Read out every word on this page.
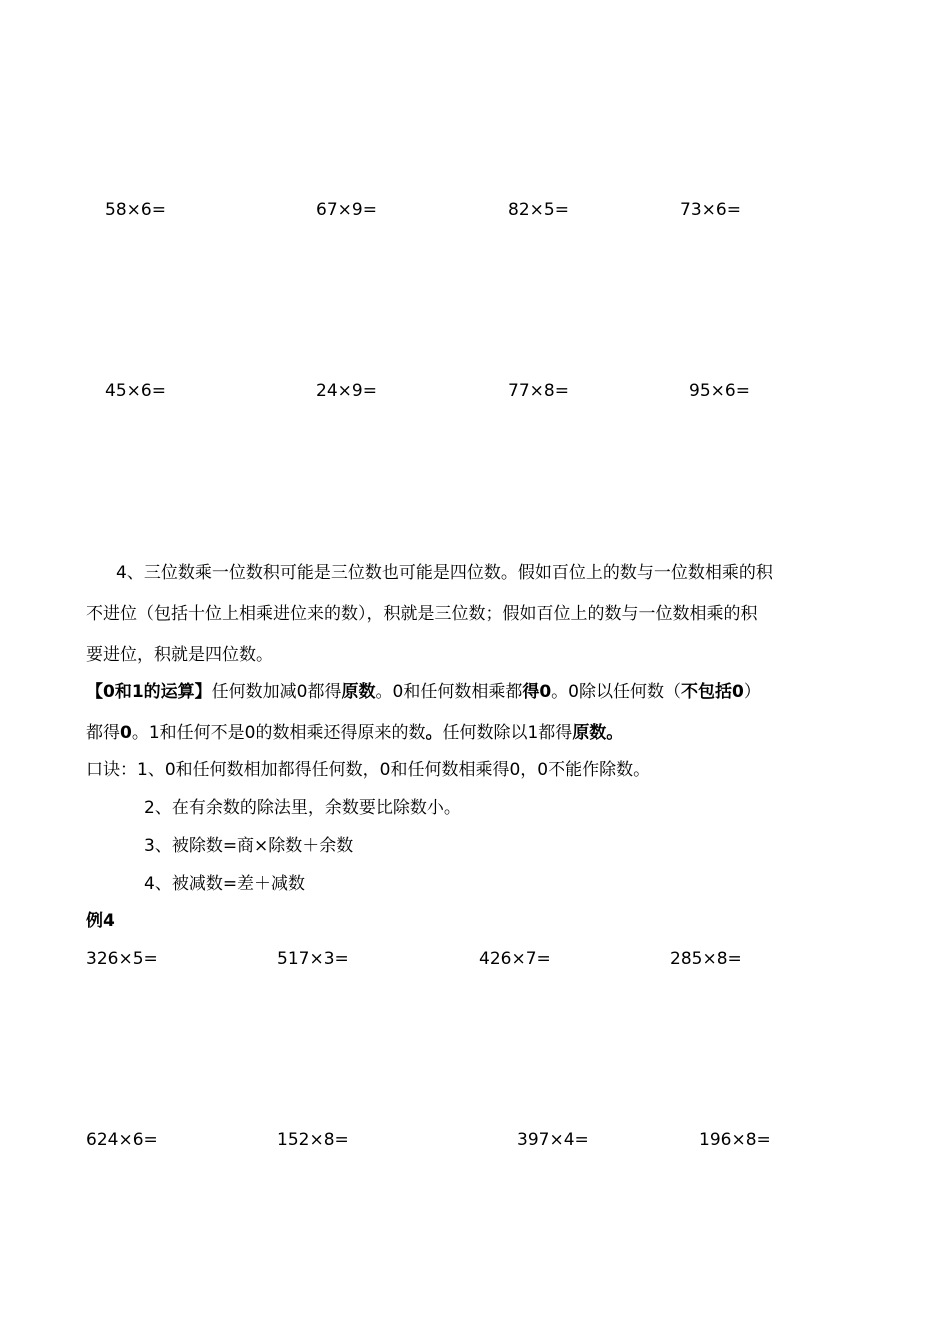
58×6=	67×9=	82×5=	73×6=
45×6=	24×9=	77×8=	95×6=
4、三位数乘一位数积可能是三位数也可能是四位数。假如百位上的数与一位数相乘的积
不进位（包括十位上相乘进位来的数），积就是三位数；假如百位上的数与一位数相乘的积
要进位，积就是四位数。
【0和1的运算】任何数加减0都得原数。0和任何数相乘都得0。0除以任何数（不包括0）
都得0。1和任何不是0的数相乘还得原来的数。任何数除以1都得原数。
口诀：1、0和任何数相加都得任何数，0和任何数相乘得0，0不能作除数。
2、在有余数的除法里，余数要比除数小。
3、被除数=商×除数＋余数
4、被减数=差＋减数
例4
326×5=	517×3=	426×7=	285×8=
624×6=	152×8=	397×4=	196×8=
